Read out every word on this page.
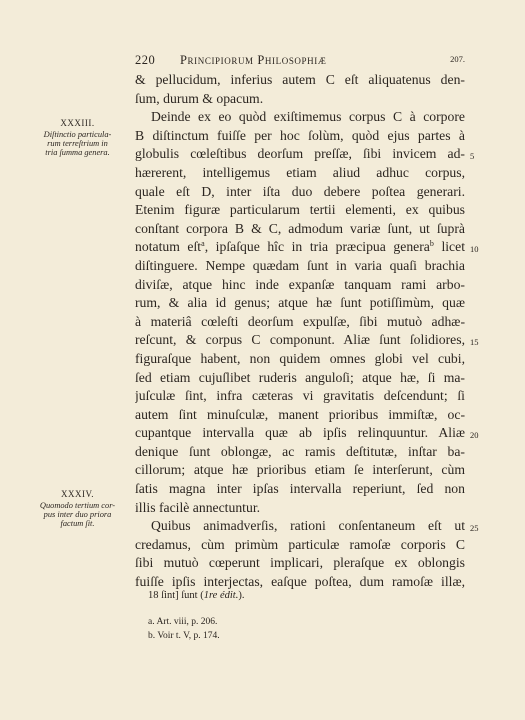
220 Principiorum Philosophiæ	207.
XXXIII.
Diſtinctio particula-
rum terreſtrium in
tria ſumma genera.
XXXIV.
Quomodo tertium cor-
pus inter duo priora
factum ſit.
& pellucidum, inferius autem C eſt aliquatenus den-
ſum, durum & opacum.
Deinde ex eo quòd exiſtimemus corpus C à corpore
B diſtinctum fuiſſe per hoc ſolùm, quòd ejus partes à
globulis cœleſtibus deorſum preſſæ, ſibi invicem ad-
hærerent, intelligemus etiam aliud adhuc corpus,
quale eſt D, inter iſta duo debere poſtea generari.
Etenim figuræ particularum tertii elementi, ex quibus
conſtant corpora B & C, admodum variæ ſunt, ut ſuprà
notatum eſt$^a$, ipſaſque hîc in tria præcipua genera$^b$ licet
diſtinguere. Nempe quædam ſunt in varia quaſi brachia
diviſæ, atque hinc inde expanſæ tanquam rami arbo-
rum, & alia id genus; atque hæ ſunt potiſſimùm, quæ
à materiâ cœleſti deorſum expulſæ, ſibi mutuò adhæ-
reſcunt, & corpus C componunt. Aliæ ſunt ſolidiores,
figuraſque habent, non quidem omnes globi vel cubi,
ſed etiam cujuſlibet ruderis anguloſi; atque hæ, ſi ma-
juſculæ ſint, infra cæteras vi gravitatis deſcendunt; ſi
autem ſint minuſculæ, manent prioribus immiſtæ, oc-
cupantque intervalla quæ ab ipſis relinquuntur. Aliæ
denique ſunt oblongæ, ac ramis deſtitutæ, inſtar ba-
cillorum; atque hæ prioribus etiam ſe interſerunt, cùm
ſatis magna inter ipſas intervalla reperiunt, ſed non
illis facilè annectuntur.
Quibus animadverſis, rationi conſentaneum eſt ut
credamus, cùm primùm particulæ ramoſæ corporis C
ſibi mutuò cœperunt implicari, pleraſque ex oblongis
fuiſſe ipſis interjectas, eaſque poſtea, dum ramoſæ illæ,
5
10
15
20
25
18 ſint] ſunt (1re édit.).
a. Art. viii, p. 206.
b. Voir t. V, p. 174.
